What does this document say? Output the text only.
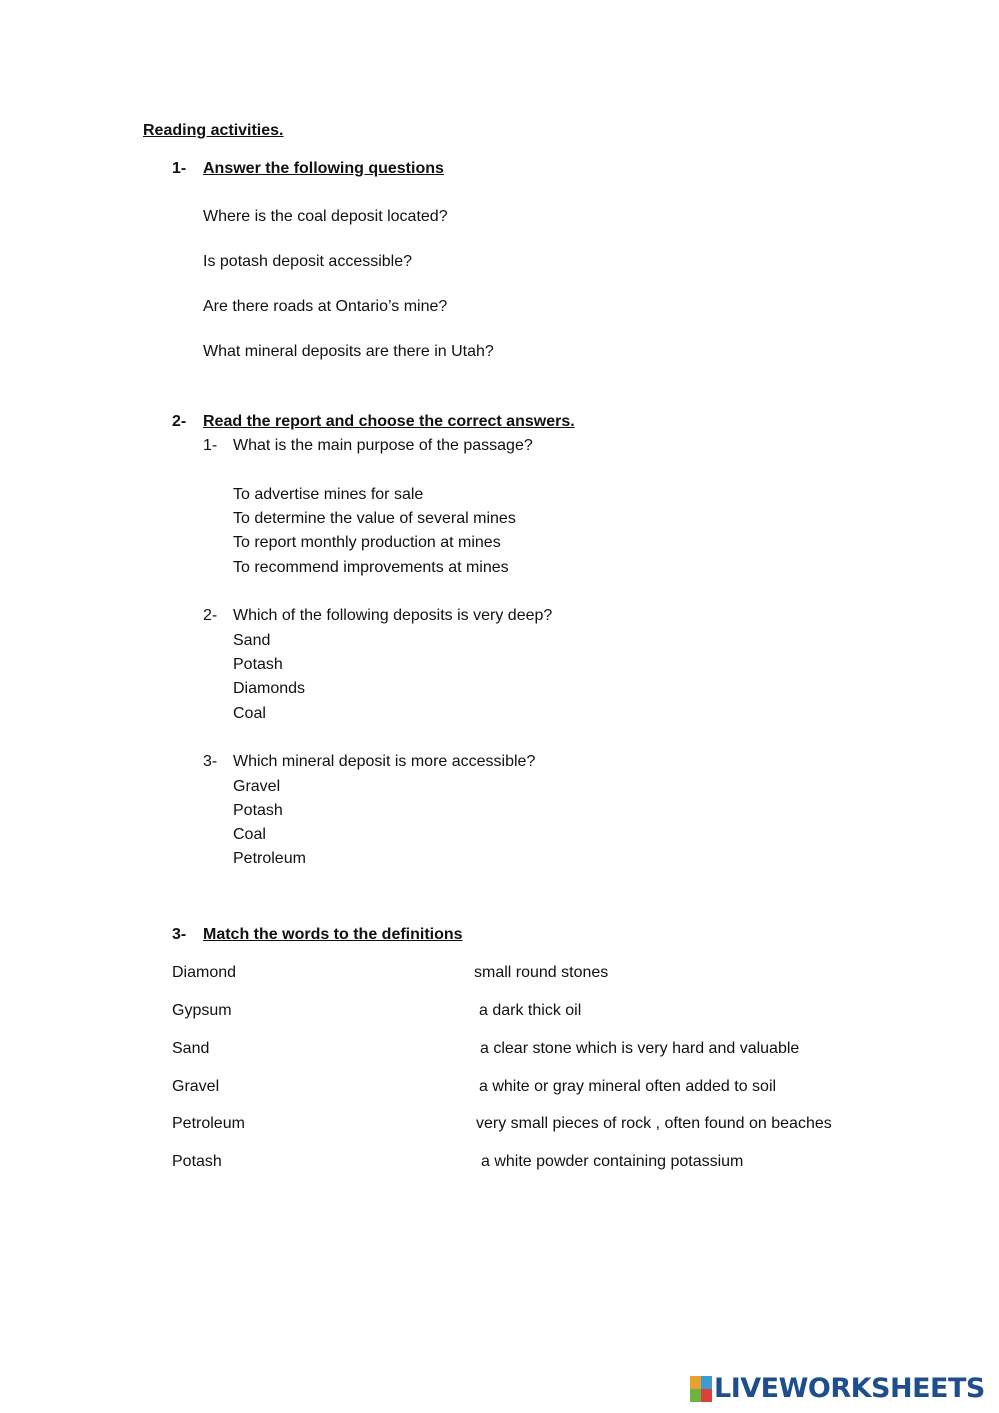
Reading activities.
1- Answer the following questions
Where is the coal deposit located?
Is potash deposit accessible?
Are there roads at Ontario’s mine?
What mineral deposits are there in Utah?
2- Read the report and choose the correct answers.
1- What is the main purpose of the passage?
To advertise mines for sale
To determine the value of several mines
To report monthly production at mines
To recommend improvements at mines
2- Which of the following deposits is very deep?
Sand
Potash
Diamonds
Coal
3- Which mineral deposit is more accessible?
Gravel
Potash
Coal
Petroleum
3- Match the words to the definitions
Diamond
Gypsum
Sand
Gravel
Petroleum
Potash
small round stones
a dark thick oil
a clear stone which is very hard and valuable
a white or gray mineral often added to soil
very small pieces of rock , often found on beaches
a white powder containing potassium
LIVEWORKSHEETS
